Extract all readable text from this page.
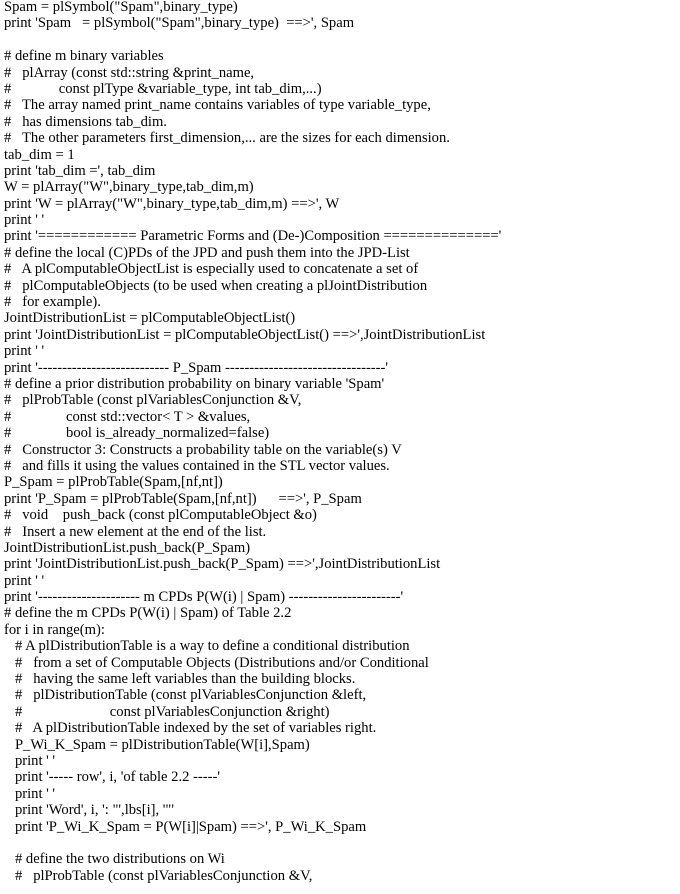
Spam = plSymbol("Spam",binary_type)
print 'Spam   = plSymbol("Spam",binary_type)  ==>', Spam
# define m binary variables
#   plArray (const std::string &print_name,
#             const plType &variable_type, int tab_dim,...)
#   The array named print_name contains variables of type variable_type,
#   has dimensions tab_dim.
#   The other parameters first_dimension,... are the sizes for each dimension.
tab_dim = 1
print 'tab_dim =', tab_dim
W = plArray("W",binary_type,tab_dim,m)
print 'W = plArray("W",binary_type,tab_dim,m) ==>', W
print ' '
print '============ Parametric Forms and (De-)Composition =============='
# define the local (C)PDs of the JPD and push them into the JPD-List
#   A plComputableObjectList is especially used to concatenate a set of
#   plComputableObjects (to be used when creating a plJointDistribution
#   for example).
JointDistributionList = plComputableObjectList()
print 'JointDistributionList = plComputableObjectList() ==>',JointDistributionList
print ' '
print '--------------------------- P_Spam ---------------------------------'
# define a prior distribution probability on binary variable 'Spam'
#   plProbTable (const plVariablesConjunction &V,
#               const std::vector< T > &values,
#               bool is_already_normalized=false)
#   Constructor 3: Constructs a probability table on the variable(s) V
#   and fills it using the values contained in the STL vector values.
P_Spam = plProbTable(Spam,[nf,nt])
print 'P_Spam = plProbTable(Spam,[nf,nt])      ==>', P_Spam
#   void    push_back (const plComputableObject &o)
#   Insert a new element at the end of the list.
JointDistributionList.push_back(P_Spam)
print 'JointDistributionList.push_back(P_Spam) ==>',JointDistributionList
print ' '
print '--------------------- m CPDs P(W(i) | Spam) -----------------------'
# define the m CPDs P(W(i) | Spam) of Table 2.2
for i in range(m):
# A plDistributionTable is a way to define a conditional distribution
#   from a set of Computable Objects (Distributions and/or Conditional
#   having the same left variables than the building blocks.
#   plDistributionTable (const plVariablesConjunction &left,
#                        const plVariablesConjunction &right)
#   A plDistributionTable indexed by the set of variables right.
P_Wi_K_Spam = plDistributionTable(W[i],Spam)
print ' '
print '----- row', i, 'of table 2.2 -----'
print ' '
print 'Word', i, ': "',lbs[i], '"'
print 'P_Wi_K_Spam = P(W[i]|Spam) ==>', P_Wi_K_Spam
# define the two distributions on Wi
#   plProbTable (const plVariablesConjunction &V,
